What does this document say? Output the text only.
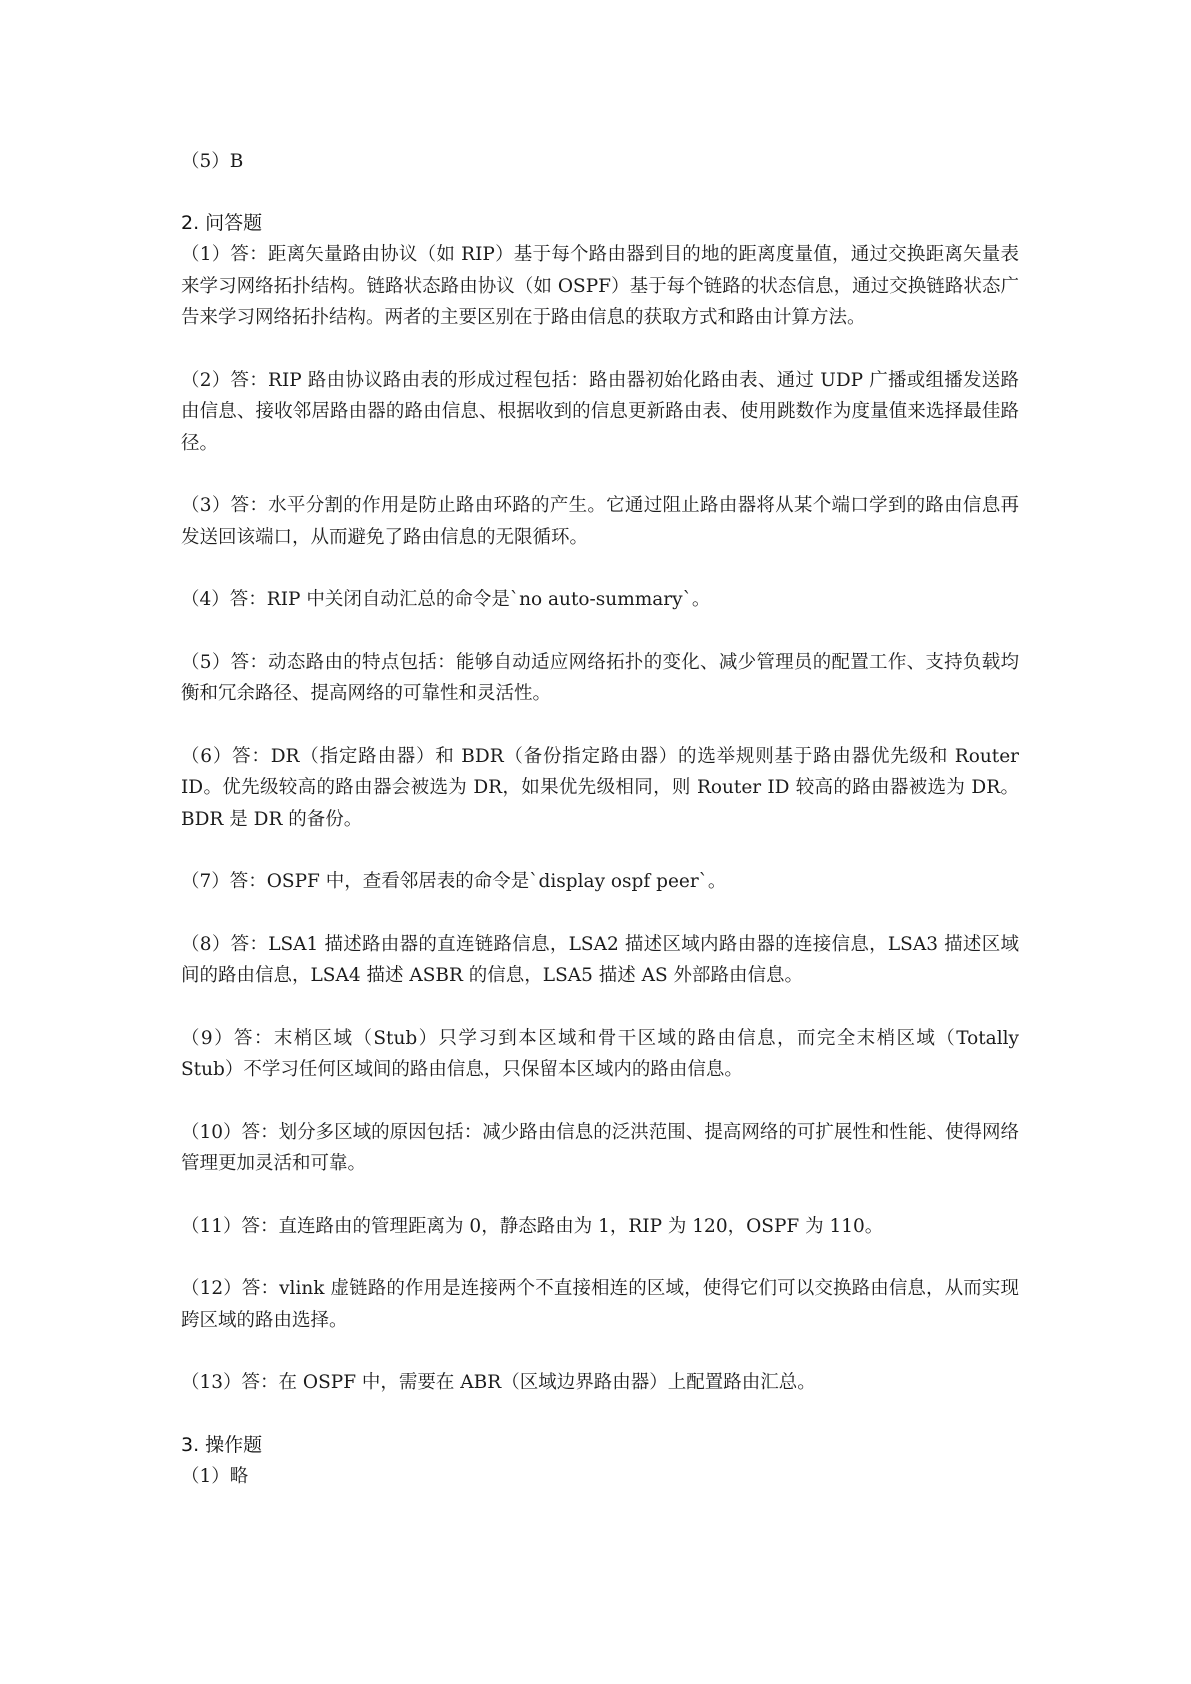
（5）B

2. 问答题

（1）答：距离矢量路由协议（如 RIP）基于每个路由器到目的地的距离度量值，通过交换距离矢量表来学习网络拓扑结构。链路状态路由协议（如 OSPF）基于每个链路的状态信息，通过交换链路状态广告来学习网络拓扑结构。两者的主要区别在于路由信息的获取方式和路由计算方法。

（2）答：RIP 路由协议路由表的形成过程包括：路由器初始化路由表、通过 UDP 广播或组播发送路由信息、接收邻居路由器的路由信息、根据收到的信息更新路由表、使用跳数作为度量值来选择最佳路径。

（3）答：水平分割的作用是防止路由环路的产生。它通过阻止路由器将从某个端口学到的路由信息再发送回该端口，从而避免了路由信息的无限循环。

（4）答：RIP 中关闭自动汇总的命令是`no auto-summary`。

（5）答：动态路由的特点包括：能够自动适应网络拓扑的变化、减少管理员的配置工作、支持负载均衡和冗余路径、提高网络的可靠性和灵活性。

（6）答：DR（指定路由器）和 BDR（备份指定路由器）的选举规则基于路由器优先级和 Router ID。优先级较高的路由器会被选为 DR，如果优先级相同，则 Router ID 较高的路由器被选为 DR。BDR 是 DR 的备份。

（7）答：OSPF 中，查看邻居表的命令是`display ospf peer`。

（8）答：LSA1 描述路由器的直连链路信息，LSA2 描述区域内路由器的连接信息，LSA3 描述区域间的路由信息，LSA4 描述 ASBR 的信息，LSA5 描述 AS 外部路由信息。

（9）答：末梢区域（Stub）只学习到本区域和骨干区域的路由信息，而完全末梢区域（Totally Stub）不学习任何区域间的路由信息，只保留本区域内的路由信息。

（10）答：划分多区域的原因包括：减少路由信息的泛洪范围、提高网络的可扩展性和性能、使得网络管理更加灵活和可靠。

（11）答：直连路由的管理距离为 0，静态路由为 1，RIP 为 120，OSPF 为 110。

（12）答：vlink 虚链路的作用是连接两个不直接相连的区域，使得它们可以交换路由信息，从而实现跨区域的路由选择。

（13）答：在 OSPF 中，需要在 ABR（区域边界路由器）上配置路由汇总。

3. 操作题

（1）略
